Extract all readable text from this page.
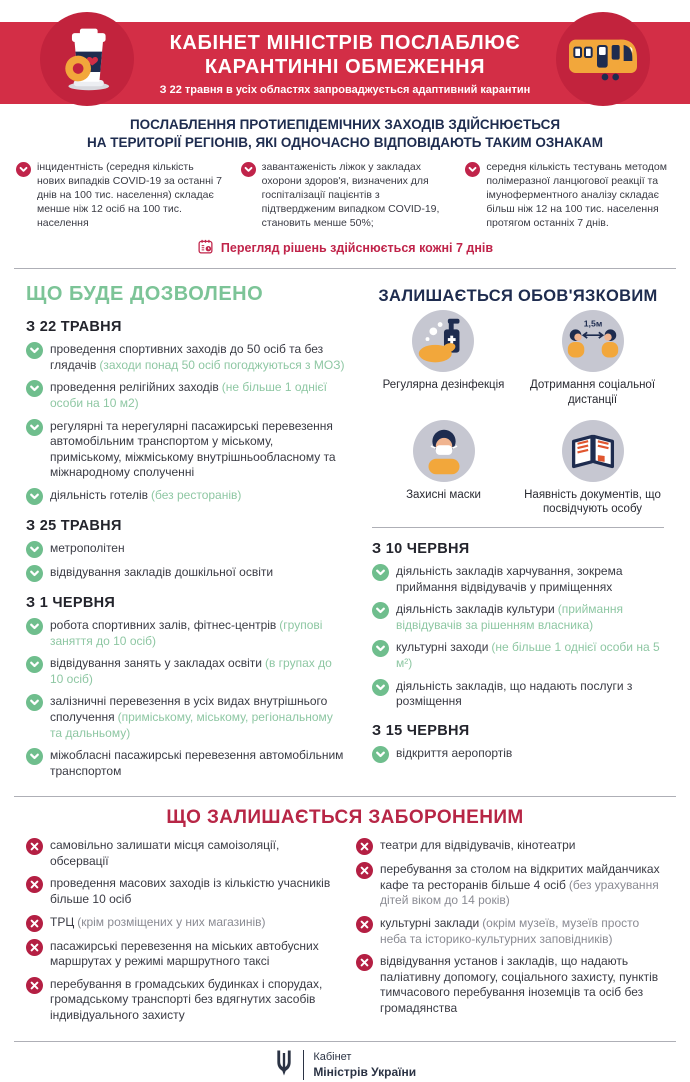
КАБІНЕТ МІНІСТРІВ ПОСЛАБЛЮЄ
КАРАНТИННІ ОБМЕЖЕННЯ
З 22 травня в усіх областях запроваджується адаптивний карантин
ПОСЛАБЛЕННЯ ПРОТИЕПІДЕМІЧНИХ ЗАХОДІВ ЗДІЙСНЮЄТЬСЯ
НА ТЕРИТОРІЇ РЕГІОНІВ, ЯКІ ОДНОЧАСНО ВІДПОВІДАЮТЬ ТАКИМ ОЗНАКАМ
інцидентність (середня кількість нових випадків COVID-19 за останні 7 днів на 100 тис. населення) складає менше ніж 12 осіб на 100 тис. населення
завантаженість ліжок у закладах охорони здоров'я, визначених для госпіталізації пацієнтів з підтвердженим випадком COVID-19, становить менше 50%;
середня кількість тестувань методом полімеразної ланцюгової реакції та імуноферментного аналізу складає більш ніж 12 на 100 тис. населення протягом останніх 7 днів.
Перегляд рішень здійснюється кожні 7 днів
ЩО БУДЕ ДОЗВОЛЕНО
З 22 ТРАВНЯ
проведення спортивних заходів до 50 осіб та без глядачів (заходи понад 50 осіб погоджуються з МОЗ)
проведення релігійних заходів (не більше 1 однієї особи на 10 м2)
регулярні та нерегулярні пасажирські перевезення автомобільним транспортом у міському, приміському, міжміському внутрішньообласному та міжнародному сполученні
діяльність готелів (без ресторанів)
З 25 ТРАВНЯ
метрополітен
відвідування закладів дошкільної освіти
З 1 ЧЕРВНЯ
робота спортивних залів, фітнес-центрів (групові заняття до 10 осіб)
відвідування занять у закладах освіти (в групах до 10 осіб)
залізничні перевезення в усіх видах внутрішнього сполучення (приміському, міському, регіональному та дальньому)
міжобласні пасажирські перевезення автомобільним транспортом
ЗАЛИШАЄТЬСЯ ОБОВ'ЯЗКОВИМ
Регулярна дезінфекція
1,5м
Дотримання соціальної дистанції
Захисні маски	Наявність документів, що посвідчують особу
З 10 ЧЕРВНЯ
діяльність закладів харчування, зокрема приймання відвідувачів у приміщеннях
діяльність закладів культури (приймання відвідувачів за рішенням власника)
культурні заходи (не більше 1 однієї особи на 5 м²)
діяльність закладів, що надають послуги з розміщення
З 15 ЧЕРВНЯ
відкриття аеропортів
ЩО ЗАЛИШАЄТЬСЯ ЗАБОРОНЕНИМ
самовільно залишати місця самоізоляції, обсервації
проведення масових заходів із кількістю учасників більше 10 осіб
ТРЦ (крім розміщених у них магазинів)
пасажирські перевезення на міських автобусних маршрутах у режимі маршрутного таксі
перебування в громадських будинках і спорудах, громадському транспорті без вдягнутих засобів індивідуального захисту
театри для відвідувачів, кінотеатри
перебування за столом на відкритих майданчиках кафе та ресторанів більше 4 осіб (без урахування дітей віком до 14 років)
культурні заклади (окрім музеїв, музеїв просто неба та історико-культурних заповідників)
відвідування установ і закладів, що надають паліативну допомогу, соціального захисту, пунктів тимчасового перебування іноземців та осіб без громадянства
Кабінет
Міністрів України
